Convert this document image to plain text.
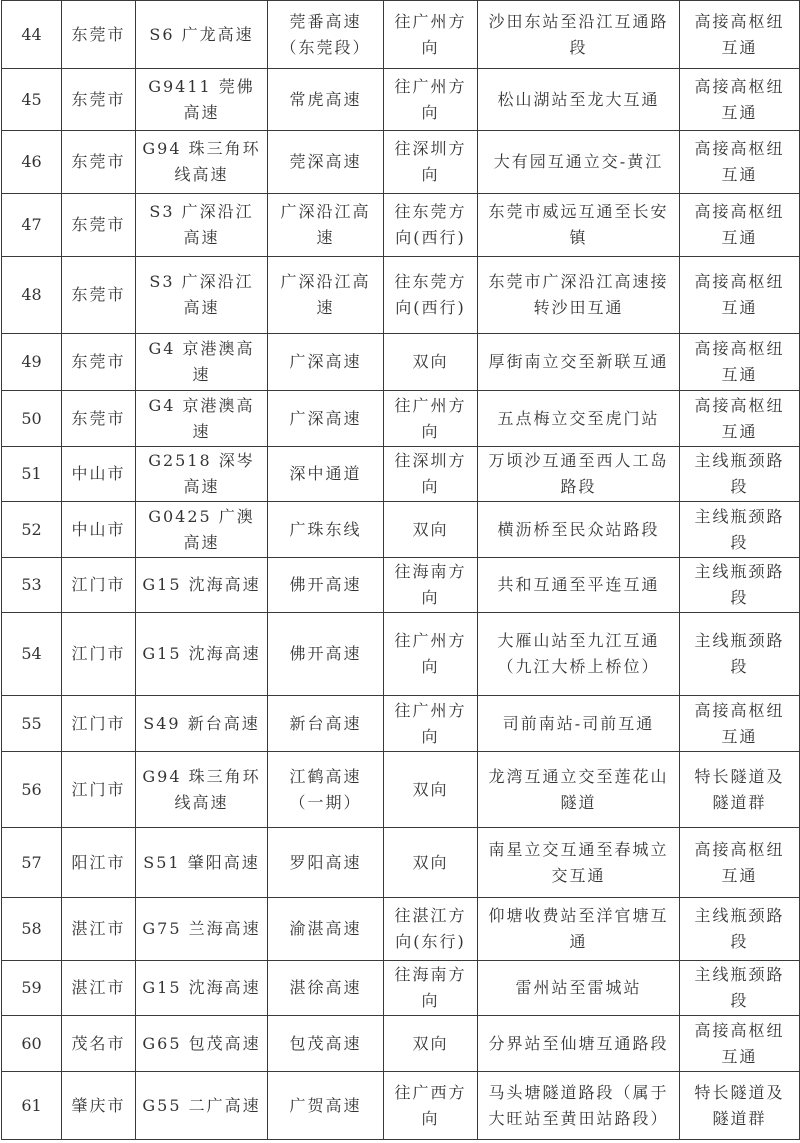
44	东莞市	S6 广龙高速	莞番高速（东莞段）	往广州方向	沙田东站至沿江互通路段	高接高枢纽互通
45	东莞市	G9411 莞佛高速	常虎高速	往广州方向	松山湖站至龙大互通	高接高枢纽互通
46	东莞市	G94 珠三角环线高速	莞深高速	往深圳方向	大有园互通立交-黄江	高接高枢纽互通
47	东莞市	S3 广深沿江高速	广深沿江高速	往东莞方向(西行)	东莞市威远互通至长安镇	高接高枢纽互通
48	东莞市	S3 广深沿江高速	广深沿江高速	往东莞方向(西行)	东莞市广深沿江高速接转沙田互通	高接高枢纽互通
49	东莞市	G4 京港澳高速	广深高速	双向	厚街南立交至新联互通	高接高枢纽互通
50	东莞市	G4 京港澳高速	广深高速	往广州方向	五点梅立交至虎门站	高接高枢纽互通
51	中山市	G2518 深岑高速	深中通道	往深圳方向	万顷沙互通至西人工岛路段	主线瓶颈路段
52	中山市	G0425 广澳高速	广珠东线	双向	横沥桥至民众站路段	主线瓶颈路段
53	江门市	G15 沈海高速	佛开高速	往海南方向	共和互通至平连互通	主线瓶颈路段
54	江门市	G15 沈海高速	佛开高速	往广州方向	大雁山站至九江互通（九江大桥上桥位）	主线瓶颈路段
55	江门市	S49 新台高速	新台高速	往广州方向	司前南站-司前互通	高接高枢纽互通
56	江门市	G94 珠三角环线高速	江鹤高速（一期）	双向	龙湾互通立交至莲花山隧道	特长隧道及隧道群
57	阳江市	S51 肇阳高速	罗阳高速	双向	南星立交互通至春城立交互通	高接高枢纽互通
58	湛江市	G75 兰海高速	渝湛高速	往湛江方向(东行)	仰塘收费站至洋官塘互通	主线瓶颈路段
59	湛江市	G15 沈海高速	湛徐高速	往海南方向	雷州站至雷城站	主线瓶颈路段
60	茂名市	G65 包茂高速	包茂高速	双向	分界站至仙塘互通路段	高接高枢纽互通
61	肇庆市	G55 二广高速	广贺高速	往广西方向	马头塘隧道路段（属于大旺站至黄田站路段）	特长隧道及隧道群
